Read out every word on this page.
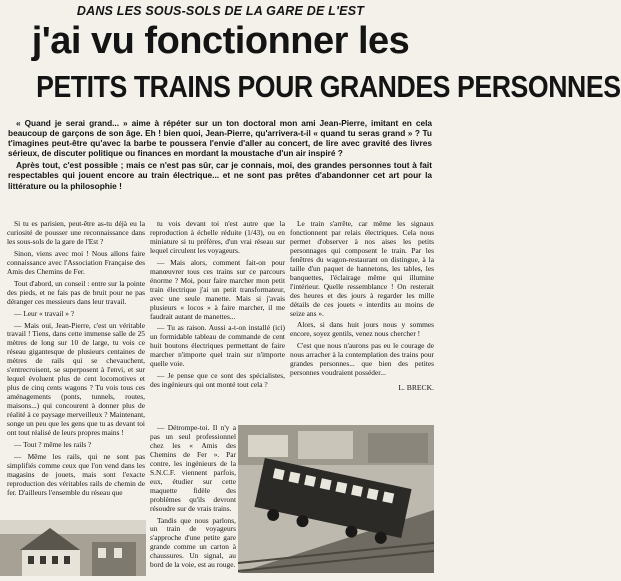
DANS LES SOUS-SOLS DE LA GARE DE L'EST
j'ai vu fonctionner les
PETITS TRAINS POUR GRANDES PERSONNES

« Quand je serai grand... » aime à répéter sur un ton doctoral mon ami Jean-Pierre, imitant en cela beaucoup de garçons de son âge. Eh ! bien quoi, Jean-Pierre, qu'arrivera-t-il « quand tu seras grand » ? Tu t'imagines peut-être qu'avec la barbe te poussera l'envie d'aller au concert, de lire avec gravité des livres sérieux, de discuter politique ou finances en mordant la moustache d'un air inspiré ?

Après tout, c'est possible ; mais ce n'est pas sûr, car je connais, moi, des grandes personnes tout à fait respectables qui jouent encore au train électrique... et ne sont pas prêtes d'abandonner cet art pour la littérature ou la philosophie !

Si tu es parisien, peut-être as-tu déjà eu la curiosité de pousser une reconnaissance dans les sous-sols de la gare de l'Est ?

Sinon, viens avec moi ! Nous allons faire connaissance avec l'Association Française des Amis des Chemins de Fer.

Tout d'abord, un conseil : entre sur la pointe des pieds, et ne fais pas de bruit pour ne pas déranger ces messieurs dans leur travail.

— Leur « travail » ?

— Mais oui, Jean-Pierre, c'est un véritable travail ! Tiens, dans cette immense salle de 25 mètres de long sur 10 de large, tu vois ce réseau gigantesque de plusieurs centaines de mètres de rails qui se chevauchent, s'entrecroisent, se superposent à l'envi, et sur lequel évoluent plus de cent locomotives et plus de cinq cents wagons ? Tu vois tous ces aménagements (ponts, tunnels, routes, maisons...) qui concourent à donner plus de réalité à ce paysage merveilleux ? Maintenant, songe un peu que les gens que tu as devant toi ont tout réalisé de leurs propres mains !

— Tout ? même les rails ?

— Même les rails, qui ne sont pas simplifiés comme ceux que l'on vend dans les magasins de jouets, mais sont l'exacte reproduction des véritables rails de chemin de fer. D'ailleurs l'ensemble du réseau que

tu vois devant toi n'est autre que la reproduction à échelle réduite (1/43), ou en miniature si tu préfères, d'un vrai réseau sur lequel circulent les voyageurs.

— Mais alors, comment fait-on pour manœuvrer tous ces trains sur ce parcours énorme ? Moi, pour faire marcher mon petit train électrique j'ai un petit transformateur, avec une seule manette. Mais si j'avais plusieurs « locos » à faire marcher, il me faudrait autant de manettes...

— Tu as raison. Aussi a-t-on installé (ici) un formidable tableau de commande de cent huit boutons électriques permettant de faire marcher n'importe quel train sur n'importe quelle voie.

— Je pense que ce sont des spécialistes, des ingénieurs qui ont monté tout cela ?

— Détrompe-toi. Il n'y a pas un seul professionnel chez les « Amis des Chemins de Fer ». Par contre, les ingénieurs de la S.N.C.F. viennent parfois, eux, étudier sur cette maquette fidèle des problèmes qu'ils devront résoudre sur de vrais trains.

Tandis que nous parlons, un train de voyageurs s'approche d'une petite gare grande comme un carton à chaussures. Un signal, au bord de la voie, est au rouge.

Le train s'arrête, car même les signaux fonctionnent par relais électriques. Cela nous permet d'observer à nos aises les petits personnages qui composent le train. Par les fenêtres du wagon-restaurant on distingue, à la taille d'un paquet de hannetons, les tables, les banquettes, l'éclairage même qui illumine l'intérieur. Quelle ressemblance ! On resterait des heures et des jours à regarder les mille détails de ces jouets « interdits au moins de seize ans ».

Alors, si dans huit jours nous y sommes encore, soyez gentils, venez nous chercher !

C'est que nous n'aurons pas eu le courage de nous arracher à la contemplation des trains pour grandes personnes... que bien des petites personnes voudraient posséder...

L. BRECK.
